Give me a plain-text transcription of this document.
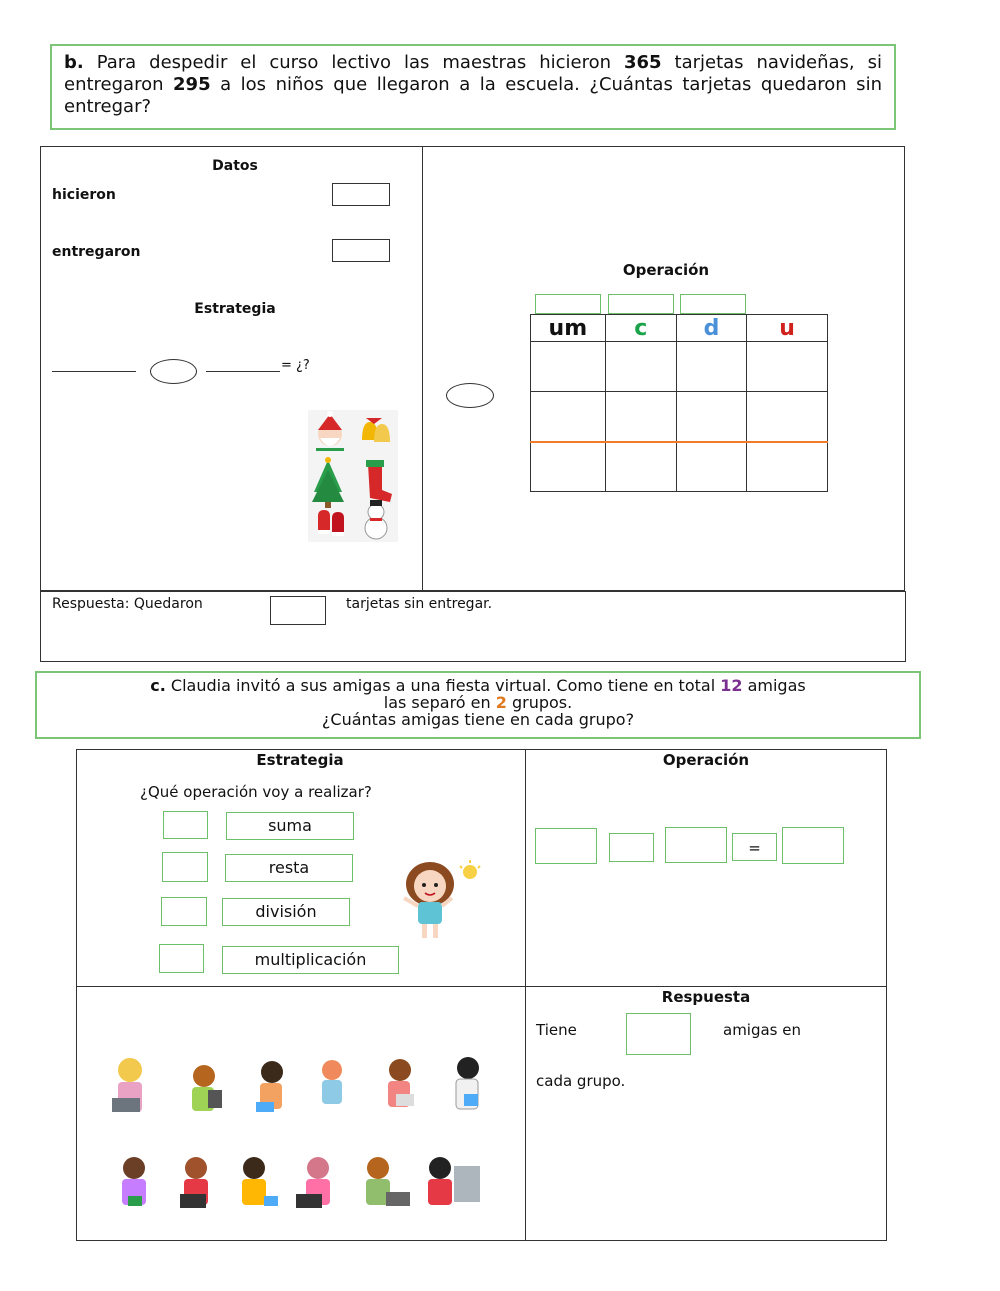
b. Para despedir el curso lectivo las maestras hicieron 365 tarjetas navideñas, si entregaron 295 a los niños que llegaron a la escuela. ¿Cuántas tarjetas quedaron sin entregar?
Datos
hicieron
entregaron
Estrategia
= ¿?
Operación
um	c	d	u

Respuesta: Quedaron	tarjetas sin entregar.
c. Claudia invitó a sus amigas a una fiesta virtual. Como tiene en total 12 amigas
las separó en 2 grupos.
¿Cuántas amigas tiene en cada grupo?
Estrategia
¿Qué operación voy a realizar?
suma
resta
división
multiplicación
Operación
=
Respuesta
Tiene	amigas en
cada grupo.
